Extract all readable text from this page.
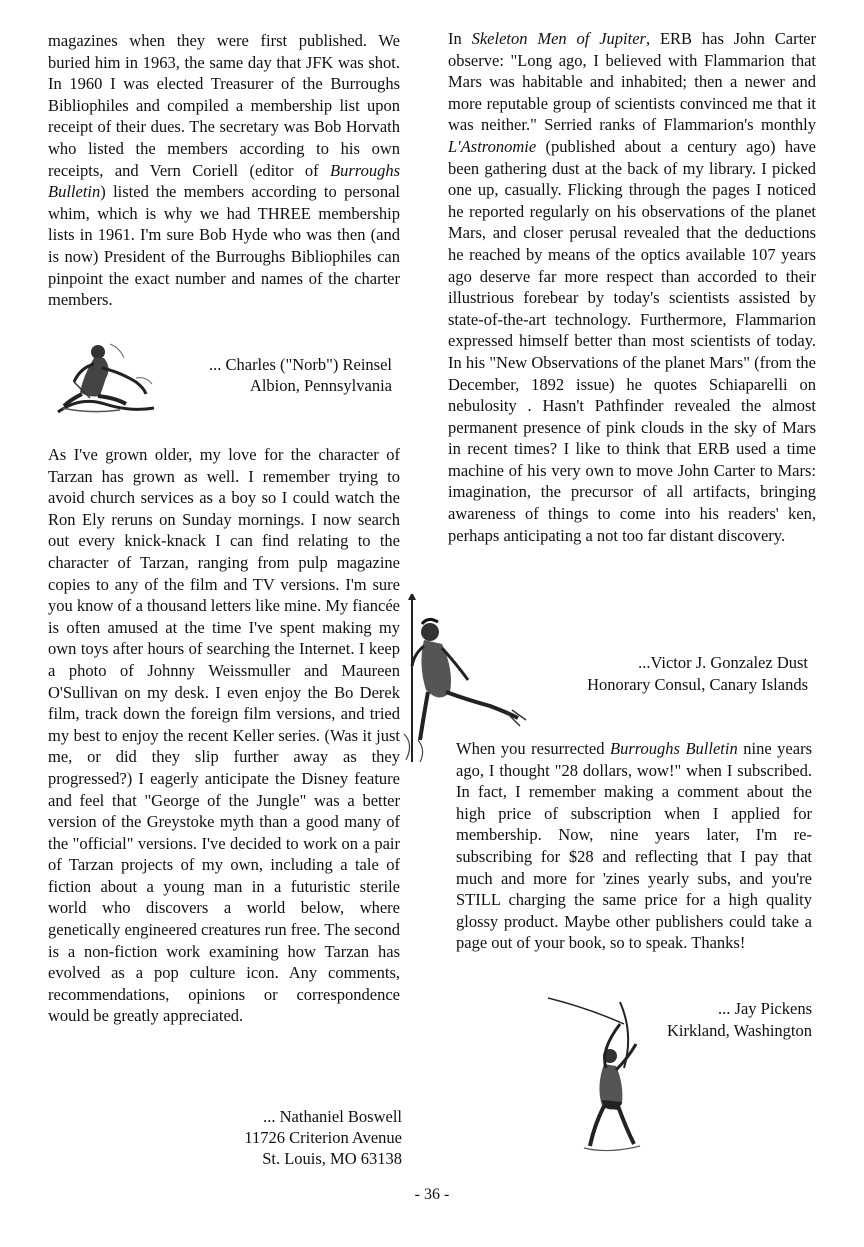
magazines when they were first published. We buried him in 1963, the same day that JFK was shot. In 1960 I was elected Treasurer of the Burroughs Bibliophiles and compiled a membership list upon receipt of their dues. The secretary was Bob Horvath who listed the members according to his own receipts, and Vern Coriell (editor of Burroughs Bulletin) listed the members according to personal whim, which is why we had THREE membership lists in 1961. I'm sure Bob Hyde who was then (and is now) President of the Burroughs Bibliophiles can pinpoint the exact number and names of the charter members.

... Charles ("Norb") Reinsel
Albion, Pennsylvania

As I've grown older, my love for the character of Tarzan has grown as well. I remember trying to avoid church services as a boy so I could watch the Ron Ely reruns on Sunday mornings. I now search out every knick-knack I can find relating to the character of Tarzan, ranging from pulp magazine copies to any of the film and TV versions. I'm sure you know of a thousand letters like mine. My fiancée is often amused at the time I've spent making my own toys after hours of searching the Internet. I keep a photo of Johnny Weissmuller and Maureen O'Sullivan on my desk. I even enjoy the Bo Derek film, track down the foreign film versions, and tried my best to enjoy the recent Keller series. (Was it just me, or did they slip further away as they progressed?) I eagerly anticipate the Disney feature and feel that "George of the Jungle" was a better version of the Greystoke myth than a good many of the "official" versions. I've decided to work on a pair of Tarzan projects of my own, including a tale of fiction about a young man in a futuristic sterile world who discovers a world below, where genetically engineered creatures run free. The second is a non-fiction work examining how Tarzan has evolved as a pop culture icon. Any comments, recommendations, opinions or correspondence would be greatly appreciated.

... Nathaniel Boswell
11726 Criterion Avenue
St. Louis, MO 63138

In Skeleton Men of Jupiter, ERB has John Carter observe: "Long ago, I believed with Flammarion that Mars was habitable and inhabited; then a newer and more reputable group of scientists convinced me that it was neither." Serried ranks of Flammarion's monthly L'Astronomie (published about a century ago) have been gathering dust at the back of my library. I picked one up, casually. Flicking through the pages I noticed he reported regularly on his observations of the planet Mars, and closer perusal revealed that the deductions he reached by means of the optics available 107 years ago deserve far more respect than accorded to their illustrious forebear by today's scientists assisted by state-of-the-art technology. Furthermore, Flammarion expressed himself better than most scientists of today. In his "New Observations of the planet Mars" (from the December, 1892 issue) he quotes Schiaparelli on nebulosity . Hasn't Pathfinder revealed the almost permanent presence of pink clouds in the sky of Mars in recent times? I like to think that ERB used a time machine of his very own to move John Carter to Mars: imagination, the precursor of all artifacts, bringing awareness of things to come into his readers' ken, perhaps anticipating a not too far distant discovery.

...Victor J. Gonzalez Dust
Honorary Consul, Canary Islands

When you resurrected Burroughs Bulletin nine years ago, I thought "28 dollars, wow!" when I subscribed. In fact, I remember making a comment about the high price of subscription when I applied for membership. Now, nine years later, I'm re-subscribing for $28 and reflecting that I pay that much and more for 'zines yearly subs, and you're STILL charging the same price for a high quality glossy product. Maybe other publishers could take a page out of your book, so to speak. Thanks!

... Jay Pickens
Kirkland, Washington
- 36 -
